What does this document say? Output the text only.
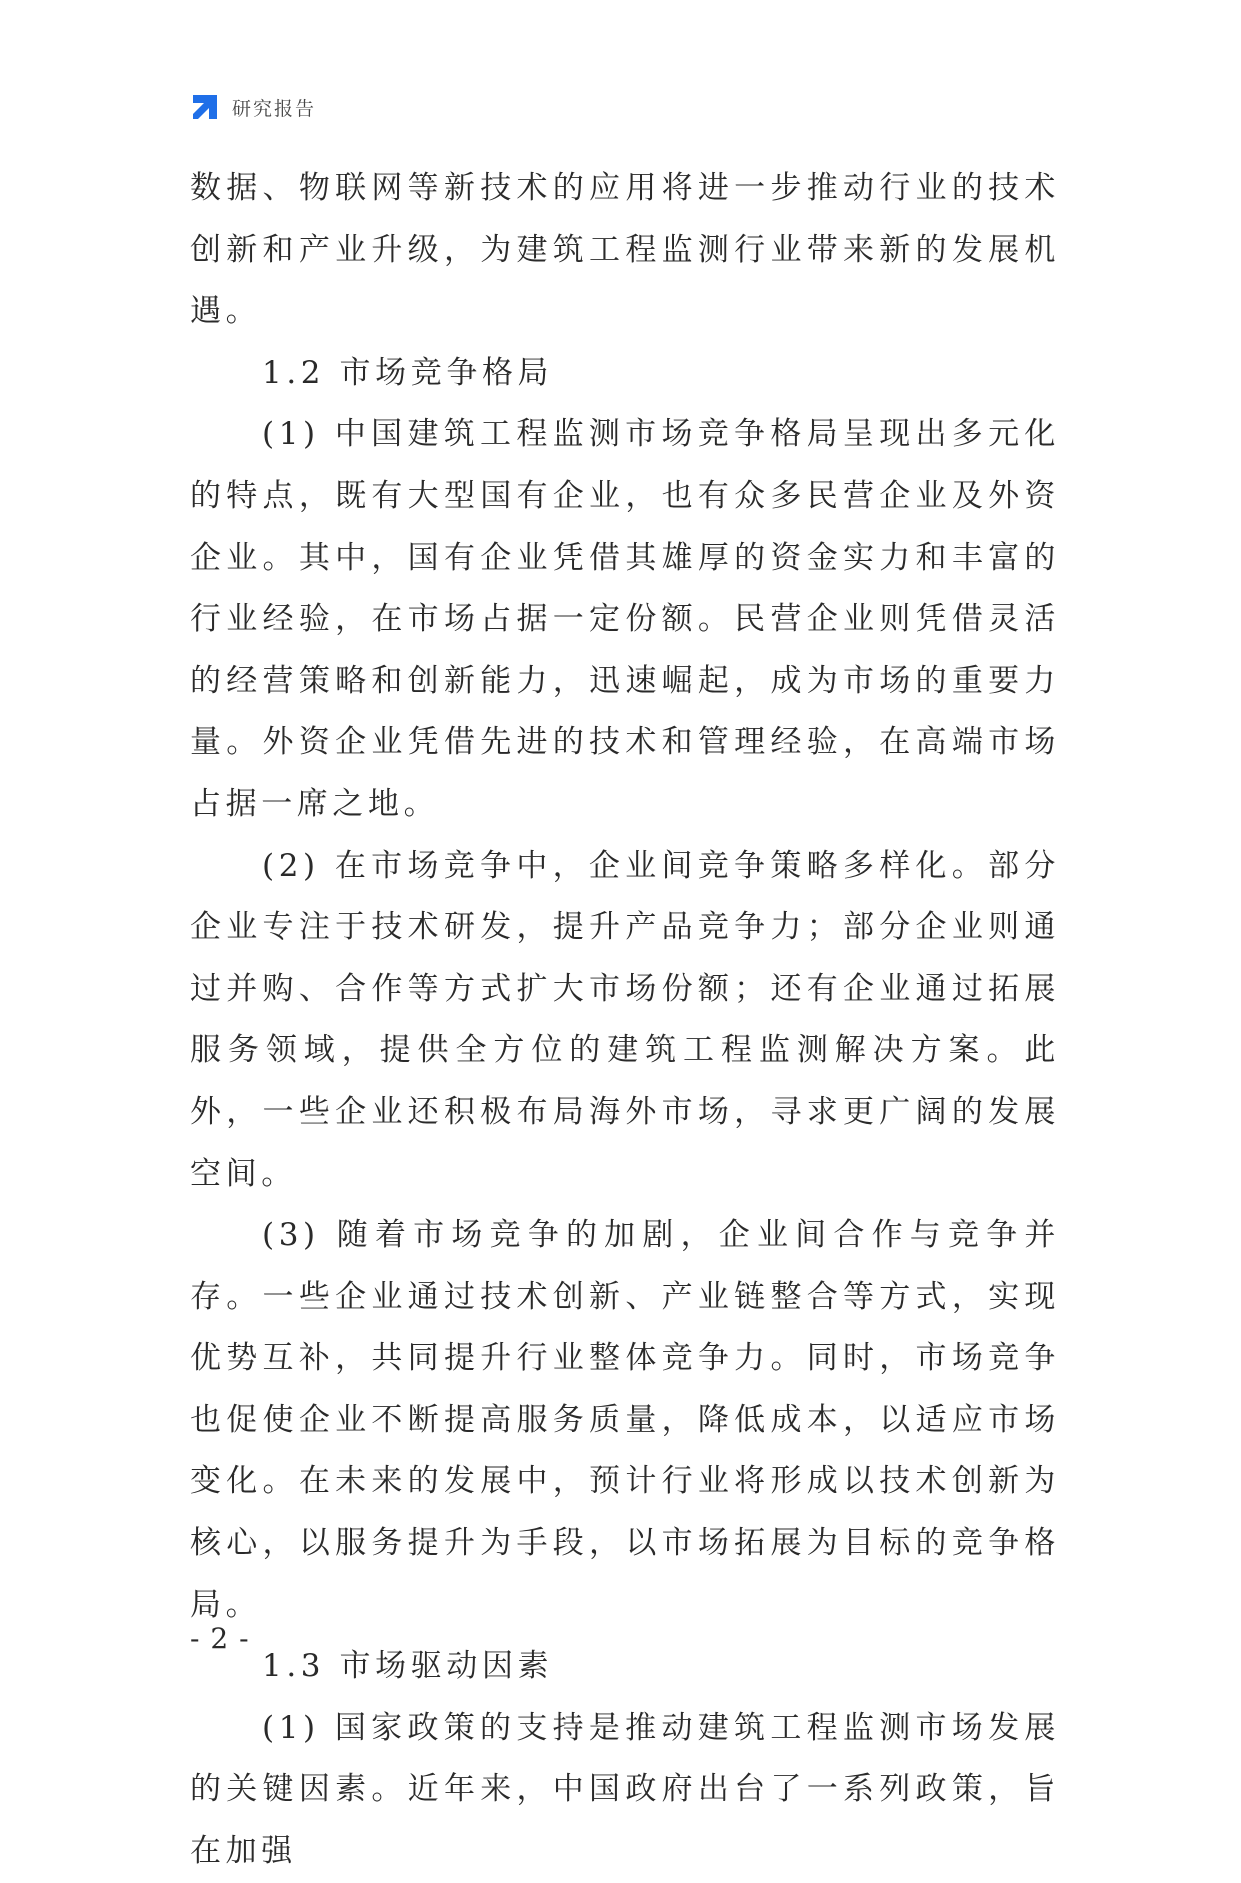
研究报告

数据、物联网等新技术的应用将进一步推动行业的技术创新和产业升级，为建筑工程监测行业带来新的发展机遇。

1.2 市场竞争格局

(1) 中国建筑工程监测市场竞争格局呈现出多元化的特点，既有大型国有企业，也有众多民营企业及外资企业。其中，国有企业凭借其雄厚的资金实力和丰富的行业经验，在市场占据一定份额。民营企业则凭借灵活的经营策略和创新能力，迅速崛起，成为市场的重要力量。外资企业凭借先进的技术和管理经验，在高端市场占据一席之地。

(2) 在市场竞争中，企业间竞争策略多样化。部分企业专注于技术研发，提升产品竞争力；部分企业则通过并购、合作等方式扩大市场份额；还有企业通过拓展服务领域，提供全方位的建筑工程监测解决方案。此外，一些企业还积极布局海外市场，寻求更广阔的发展空间。

(3) 随着市场竞争的加剧，企业间合作与竞争并存。一些企业通过技术创新、产业链整合等方式，实现优势互补，共同提升行业整体竞争力。同时，市场竞争也促使企业不断提高服务质量，降低成本，以适应市场变化。在未来的发展中，预计行业将形成以技术创新为核心，以服务提升为手段，以市场拓展为目标的竞争格局。

1.3 市场驱动因素

(1) 国家政策的支持是推动建筑工程监测市场发展的关键因素。近年来，中国政府出台了一系列政策，旨在加强

- 2 -
